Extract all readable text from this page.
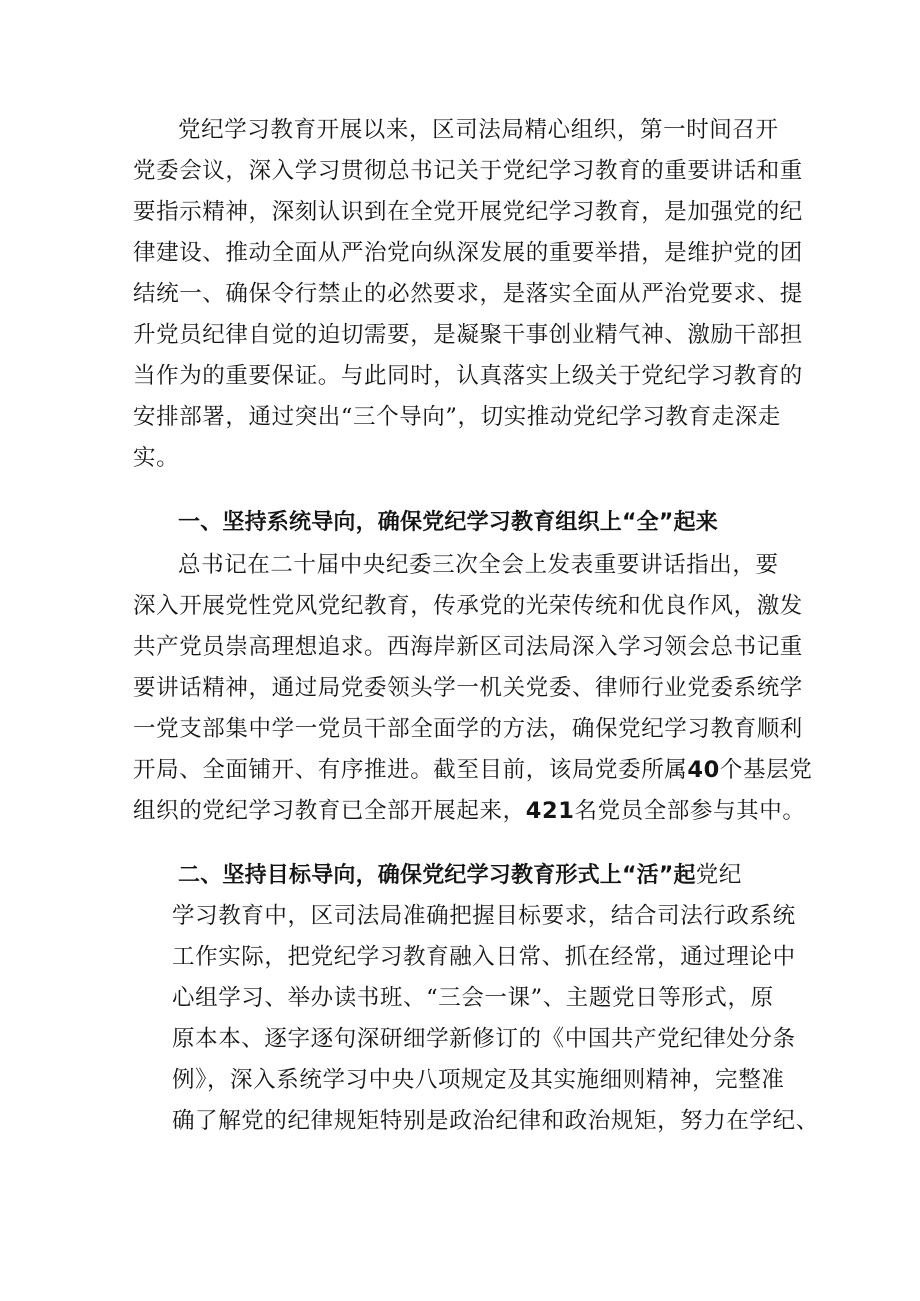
党纪学习教育开展以来，区司法局精心组织，第一时间召开
党委会议，深入学习贯彻总书记关于党纪学习教育的重要讲话和重
要指示精神，深刻认识到在全党开展党纪学习教育，是加强党的纪
律建设、推动全面从严治党向纵深发展的重要举措，是维护党的团
结统一、确保令行禁止的必然要求，是落实全面从严治党要求、提
升党员纪律自觉的迫切需要，是凝聚干事创业精气神、激励干部担
当作为的重要保证。与此同时，认真落实上级关于党纪学习教育的
安排部署，通过突出“三个导向”，切实推动党纪学习教育走深走
实。
一、坚持系统导向，确保党纪学习教育组织上“全”起来
总书记在二十届中央纪委三次全会上发表重要讲话指出，要
深入开展党性党风党纪教育，传承党的光荣传统和优良作风，激发
共产党员崇高理想追求。西海岸新区司法局深入学习领会总书记重
要讲话精神，通过局党委领头学一机关党委、律师行业党委系统学
一党支部集中学一党员干部全面学的方法，确保党纪学习教育顺利
开局、全面铺开、有序推进。截至目前，该局党委所属40个基层党
组织的党纪学习教育已全部开展起来，421名党员全部参与其中。
二、坚持目标导向，确保党纪学习教育形式上“活”起党纪
学习教育中，区司法局准确把握目标要求，结合司法行政系统
工作实际，把党纪学习教育融入日常、抓在经常，通过理论中
心组学习、举办读书班、“三会一课”、主题党日等形式，原
原本本、逐字逐句深研细学新修订的《中国共产党纪律处分条
例》，深入系统学习中央八项规定及其实施细则精神，完整准
确了解党的纪律规矩特别是政治纪律和政治规矩，努力在学纪、
